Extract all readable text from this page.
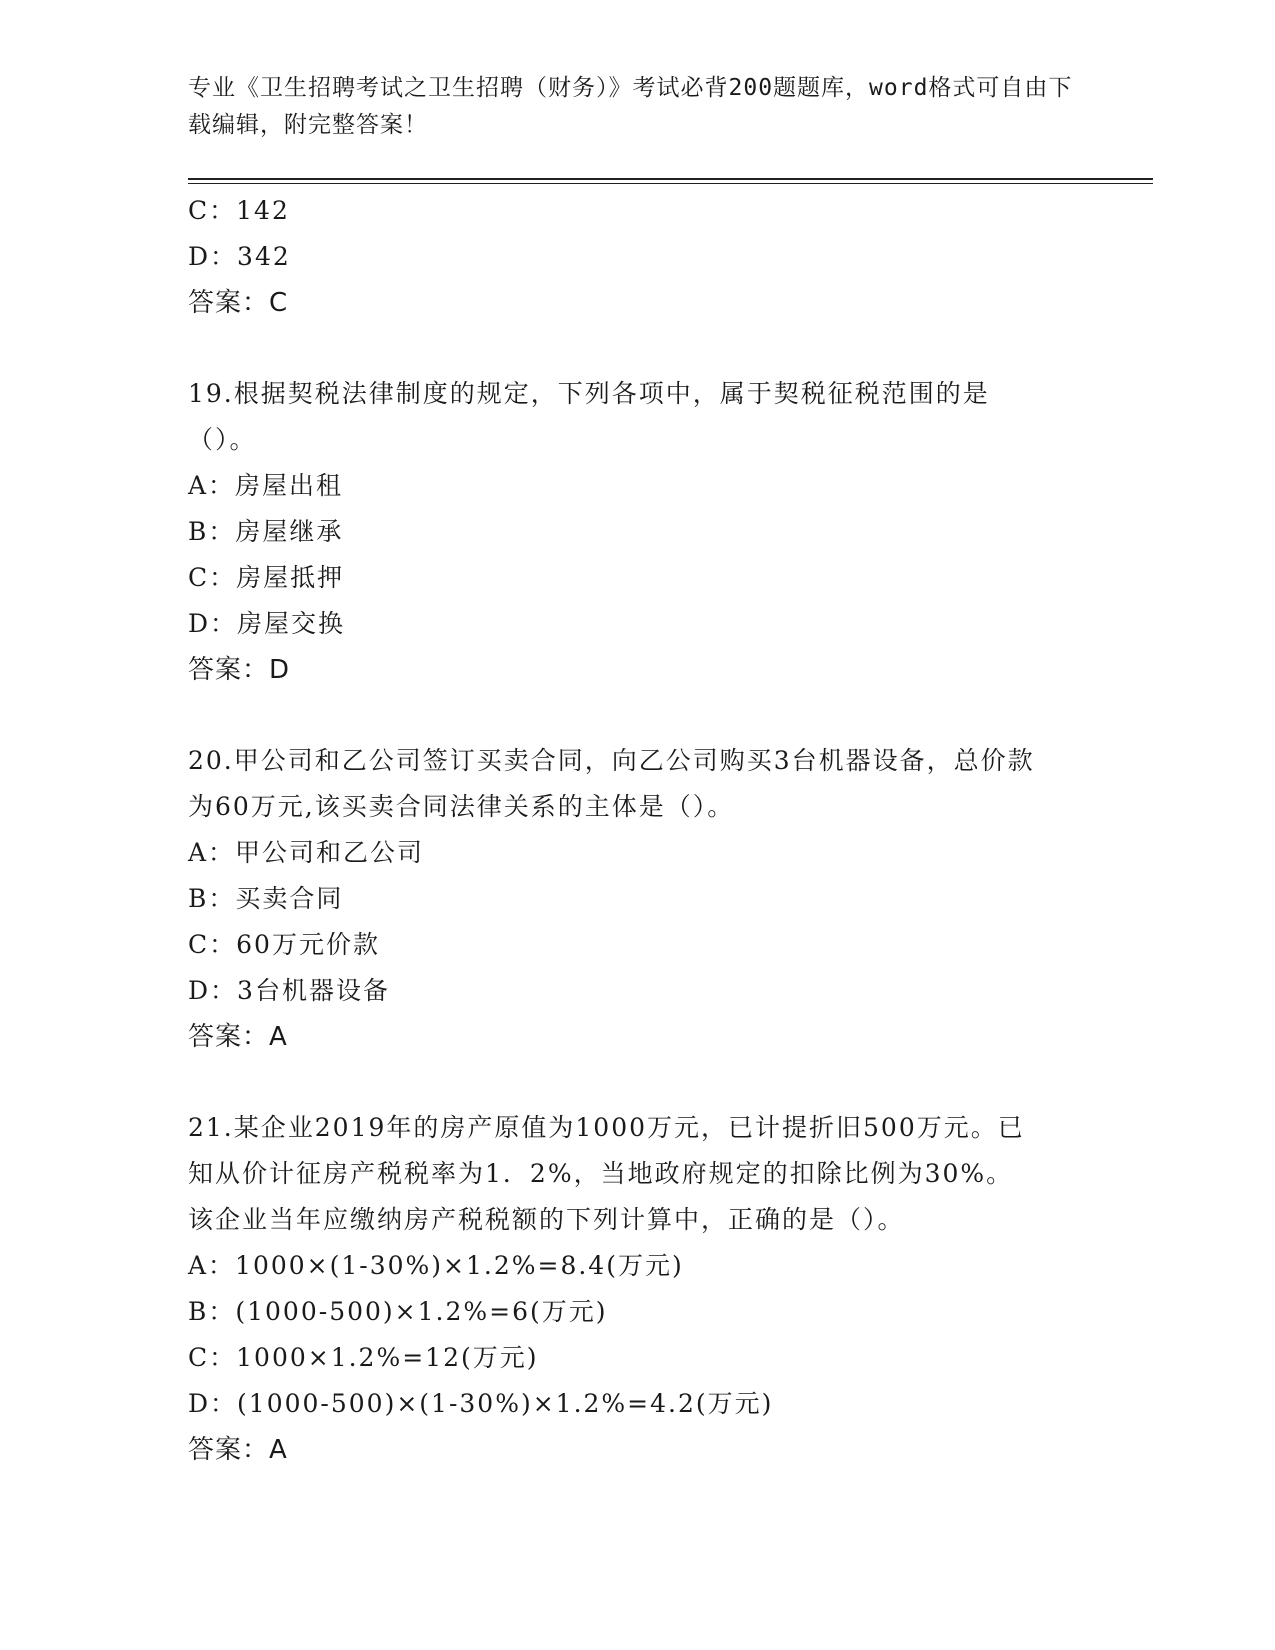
专业《卫生招聘考试之卫生招聘（财务）》考试必背200题题库，word格式可自由下载编辑，附完整答案！
C：142
D：342
答案：C
19.根据契税法律制度的规定，下列各项中，属于契税征税范围的是（）。
A：房屋出租
B：房屋继承
C：房屋抵押
D：房屋交换
答案：D
20.甲公司和乙公司签订买卖合同，向乙公司购买3台机器设备，总价款为60万元,该买卖合同法律关系的主体是（）。
A：甲公司和乙公司
B：买卖合同
C：60万元价款
D：3台机器设备
答案：A
21.某企业2019年的房产原值为1000万元，已计提折旧500万元。已知从价计征房产税税率为1．2%，当地政府规定的扣除比例为30%。该企业当年应缴纳房产税税额的下列计算中，正确的是（）。
A：1000×(1-30%)×1.2%=8.4(万元)
B：(1000-500)×1.2%=6(万元)
C：1000×1.2%=12(万元)
D：(1000-500)×(1-30%)×1.2%=4.2(万元)
答案：A
